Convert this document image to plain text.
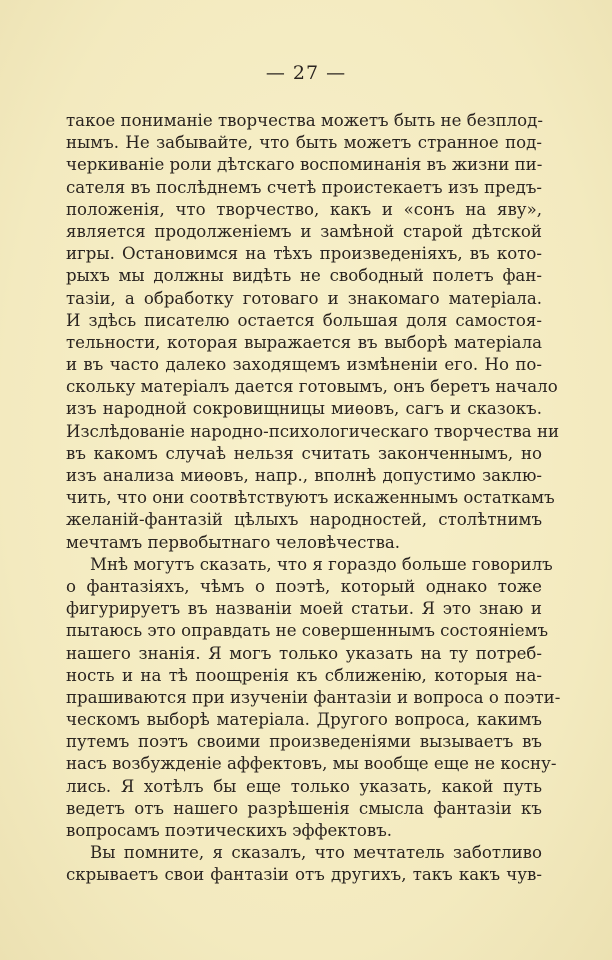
— 27 —
такое пониманіе творчества можетъ быть не безплод-
нымъ. Не забывайте, что быть можетъ странное под-
черкиваніе роли дѣтскаго воспоминанія въ жизни пи-
сателя въ послѣднемъ счетѣ проистекаетъ изъ предъ-
положенія, что творчество, какъ и «сонъ на яву»,
является продолженіемъ и замѣной старой дѣтской
игры. Остановимся на тѣхъ произведеніяхъ, въ кото-
рыхъ мы должны видѣть не свободный полетъ фан-
тазіи, а обработку готоваго и знакомаго матеріала.
И здѣсь писателю остается большая доля самостоя-
тельности, которая выражается въ выборѣ матеріала
и въ часто далеко заходящемъ измѣненіи его. Но по-
скольку матеріалъ дается готовымъ, онъ беретъ начало
изъ народной сокровищницы миѳовъ, сагъ и сказокъ.
Изслѣдованіе народно-психологическаго творчества ни
въ какомъ случаѣ нельзя считать законченнымъ, но
изъ анализа миѳовъ, напр., вполнѣ допустимо заклю-
чить, что они соотвѣтствуютъ искаженнымъ остаткамъ
желаній-фантазій цѣлыхъ народностей, столѣтнимъ
мечтамъ первобытнаго человѣчества.
Мнѣ могутъ сказать, что я гораздо больше говорилъ
о фантазіяхъ, чѣмъ о поэтѣ, который однако тоже
фигурируетъ въ названіи моей статьи. Я это знаю и
пытаюсь это оправдать не совершеннымъ состояніемъ
нашего знанія. Я могъ только указать на ту потреб-
ность и на тѣ поощренія къ сближенію, которыя на-
прашиваются при изученіи фантазіи и вопроса о поэти-
ческомъ выборѣ матеріала. Другого вопроса, какимъ
путемъ поэтъ своими произведеніями вызываетъ въ
насъ возбужденіе аффектовъ, мы вообще еще не косну-
лись. Я хотѣлъ бы еще только указать, какой путь
ведетъ отъ нашего разрѣшенія смысла фантазіи къ
вопросамъ поэтическихъ эффектовъ.
Вы помните, я сказалъ, что мечтатель заботливо
скрываетъ свои фантазіи отъ другихъ, такъ какъ чув-
